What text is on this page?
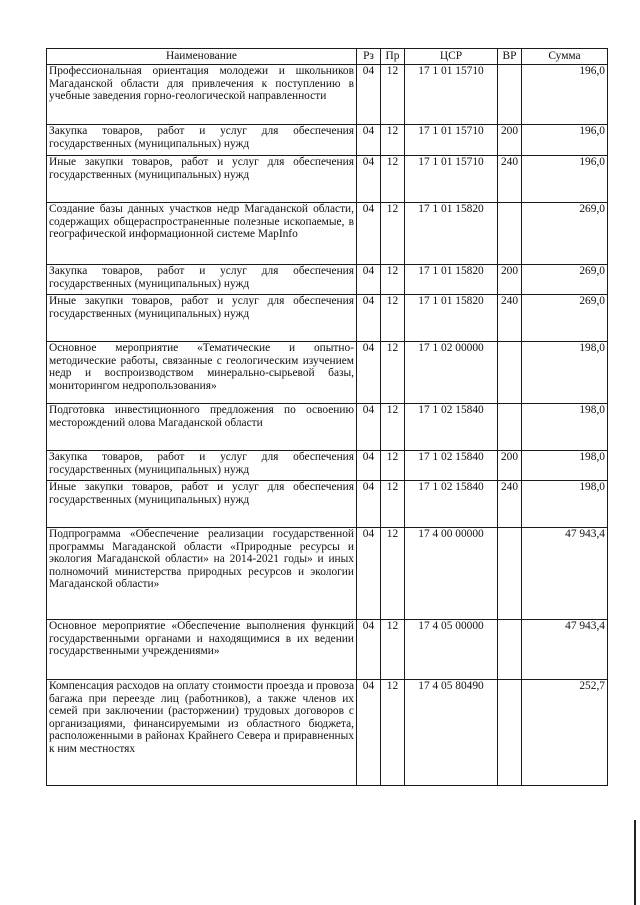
Наименование	Рз	Пр	ЦСР	ВР	Сумма
Профессиональная ориентация молодежи и школьников Магаданской области для привлечения к поступлению в учебные заведения горно-геологической направленности	04	12	17 1 01 15710		196,0
Закупка товаров, работ и услуг для обеспечения государственных (муниципальных) нужд	04	12	17 1 01 15710	200	196,0
Иные закупки товаров, работ и услуг для обеспечения государственных (муниципальных) нужд	04	12	17 1 01 15710	240	196,0
Создание базы данных участков недр Магаданской области, содержащих общераспространенные полезные ископаемые, в географической информационной системе MapInfo	04	12	17 1 01 15820		269,0
Закупка товаров, работ и услуг для обеспечения государственных (муниципальных) нужд	04	12	17 1 01 15820	200	269,0
Иные закупки товаров, работ и услуг для обеспечения государственных (муниципальных) нужд	04	12	17 1 01 15820	240	269,0
Основное мероприятие «Тематические и опытно-методические работы, связанные с геологическим изучением недр и воспроизводством минерально-сырьевой базы, мониторингом недропользования»	04	12	17 1 02 00000		198,0
Подготовка инвестиционного предложения по освоению месторождений олова Магаданской области	04	12	17 1 02 15840		198,0
Закупка товаров, работ и услуг для обеспечения государственных (муниципальных) нужд	04	12	17 1 02 15840	200	198,0
Иные закупки товаров, работ и услуг для обеспечения государственных (муниципальных) нужд	04	12	17 1 02 15840	240	198,0
Подпрограмма «Обеспечение реализации государственной программы Магаданской области «Природные ресурсы и экология Магаданской области» на 2014-2021 годы» и иных полномочий министерства природных ресурсов и экологии Магаданской области»	04	12	17 4 00 00000		47 943,4
Основное мероприятие «Обеспечение выполнения функций государственными органами и находящимися в их ведении государственными учреждениями»	04	12	17 4 05 00000		47 943,4
Компенсация расходов на оплату стоимости проезда и провоза багажа при переезде лиц (работников), а также членов их семей при заключении (расторжении) трудовых договоров с организациями, финансируемыми из областного бюджета, расположенными в районах Крайнего Севера и приравненных к ним местностях	04	12	17 4 05 80490		252,7
